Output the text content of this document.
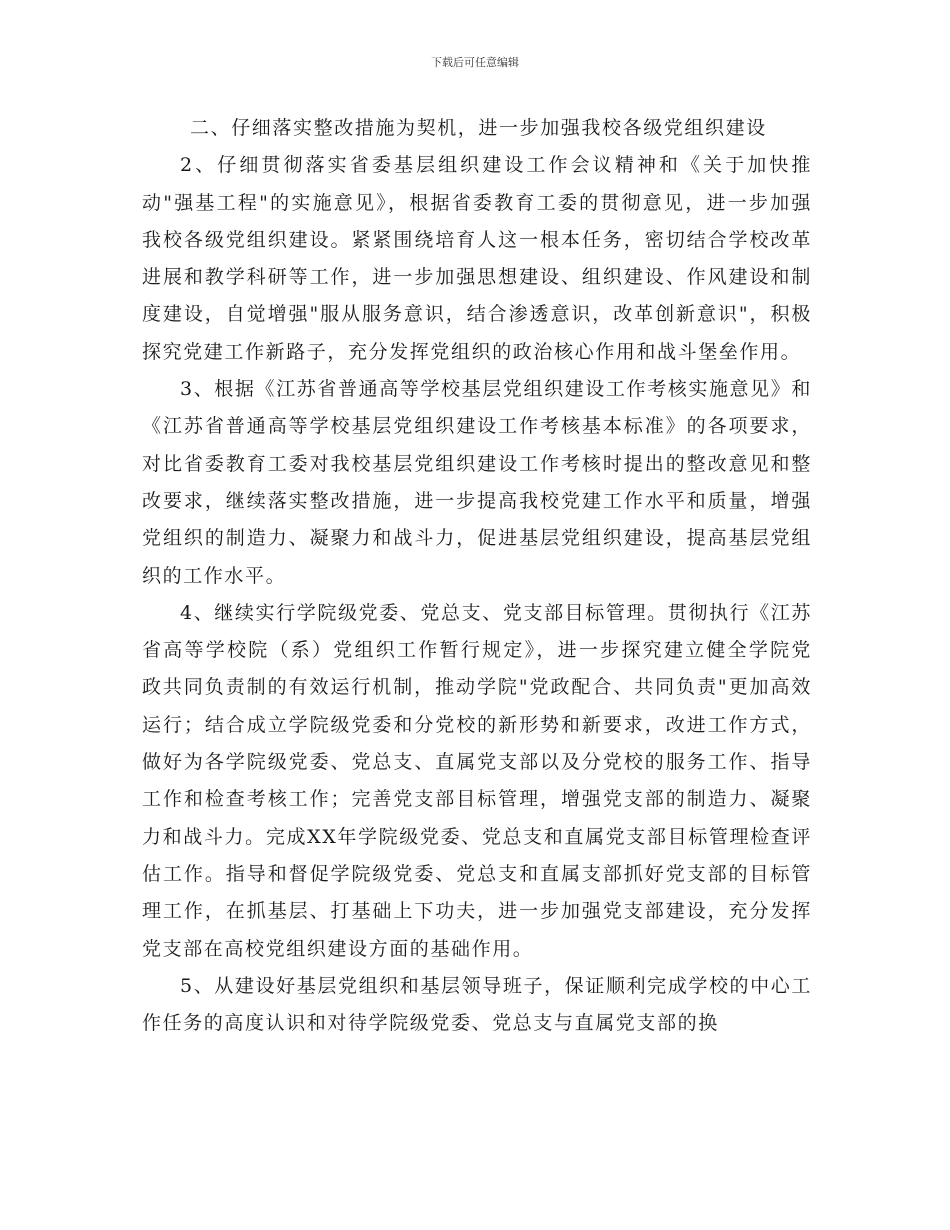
下载后可任意编辑

二、仔细落实整改措施为契机，进一步加强我校各级党组织建设

2、仔细贯彻落实省委基层组织建设工作会议精神和《关于加快推动"强基工程"的实施意见》，根据省委教育工委的贯彻意见，进一步加强我校各级党组织建设。紧紧围绕培育人这一根本任务，密切结合学校改革进展和教学科研等工作，进一步加强思想建设、组织建设、作风建设和制度建设，自觉增强"服从服务意识，结合渗透意识，改革创新意识"，积极探究党建工作新路子，充分发挥党组织的政治核心作用和战斗堡垒作用。

3、根据《江苏省普通高等学校基层党组织建设工作考核实施意见》和《江苏省普通高等学校基层党组织建设工作考核基本标准》的各项要求，对比省委教育工委对我校基层党组织建设工作考核时提出的整改意见和整改要求，继续落实整改措施，进一步提高我校党建工作水平和质量，增强党组织的制造力、凝聚力和战斗力，促进基层党组织建设，提高基层党组织的工作水平。

4、继续实行学院级党委、党总支、党支部目标管理。贯彻执行《江苏省高等学校院（系）党组织工作暂行规定》，进一步探究建立健全学院党政共同负责制的有效运行机制，推动学院"党政配合、共同负责"更加高效运行；结合成立学院级党委和分党校的新形势和新要求，改进工作方式，做好为各学院级党委、党总支、直属党支部以及分党校的服务工作、指导工作和检查考核工作；完善党支部目标管理，增强党支部的制造力、凝聚力和战斗力。完成XX年学院级党委、党总支和直属党支部目标管理检查评估工作。指导和督促学院级党委、党总支和直属支部抓好党支部的目标管理工作，在抓基层、打基础上下功夫，进一步加强党支部建设，充分发挥党支部在高校党组织建设方面的基础作用。

5、从建设好基层党组织和基层领导班子，保证顺利完成学校的中心工作任务的高度认识和对待学院级党委、党总支与直属党支部的换
